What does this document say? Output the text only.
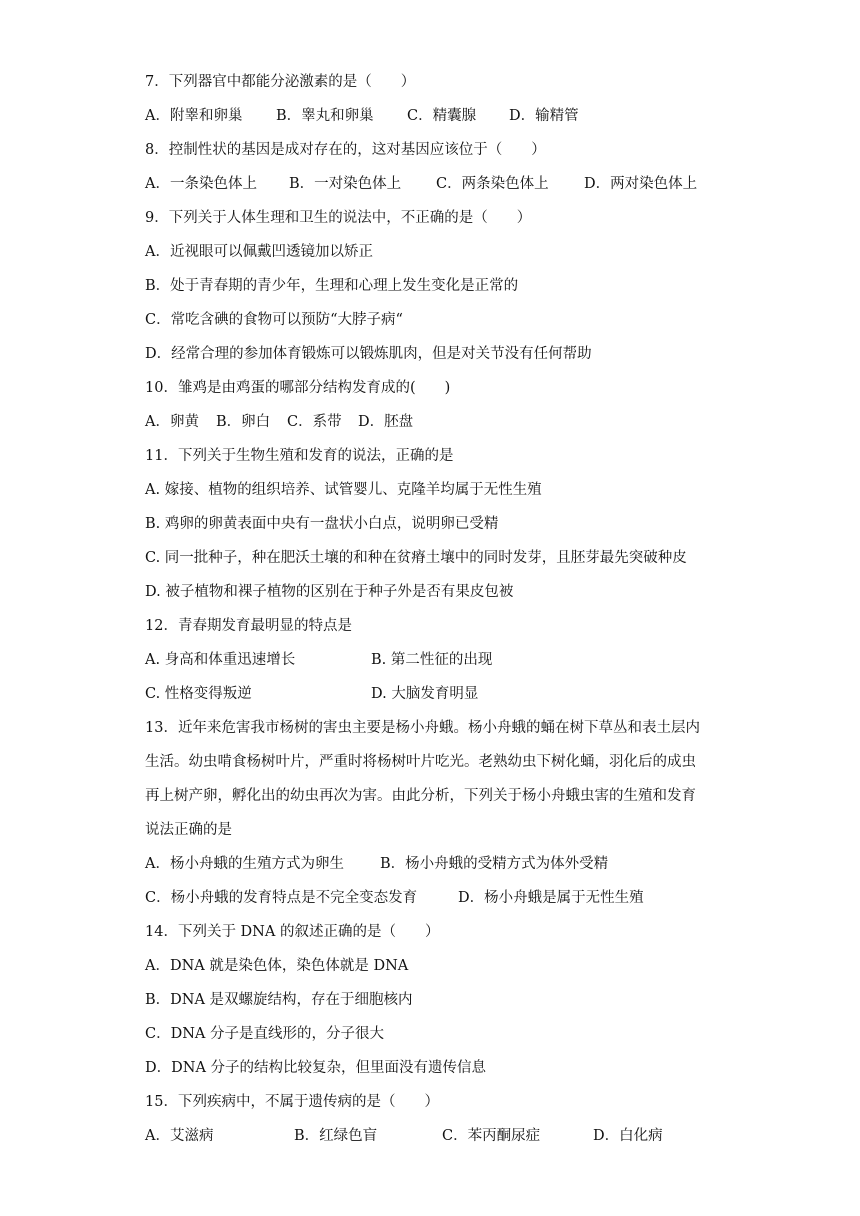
7．下列器官中都能分泌激素的是（　　）
A．附睾和卵巢 B．睾丸和卵巢 C．精囊腺 D．输精管
8．控制性状的基因是成对存在的，这对基因应该位于（　　）
A．一条染色体上 B．一对染色体上 C．两条染色体上 D．两对染色体上
9．下列关于人体生理和卫生的说法中，不正确的是（　　）
A．近视眼可以佩戴凹透镜加以矫正
B．处于青春期的青少年，生理和心理上发生变化是正常的
C．常吃含碘的食物可以预防“大脖子病“
D．经常合理的参加体育锻炼可以锻炼肌肉，但是对关节没有任何帮助
10．雏鸡是由鸡蛋的哪部分结构发育成的(　　)
A．卵黄 B．卵白 C．系带 D．胚盘
11．下列关于生物生殖和发育的说法，正确的是
A. 嫁接、植物的组织培养、试管婴儿、克隆羊均属于无性生殖
B. 鸡卵的卵黄表面中央有一盘状小白点，说明卵已受精
C. 同一批种子，种在肥沃土壤的和种在贫瘠土壤中的同时发芽，且胚芽最先突破种皮
D. 被子植物和裸子植物的区别在于种子外是否有果皮包被
12．青春期发育最明显的特点是
A. 身高和体重迅速增长	B. 第二性征的出现
C. 性格变得叛逆	D. 大脑发育明显
13．近年来危害我市杨树的害虫主要是杨小舟蛾。杨小舟蛾的蛹在树下草丛和表土层内
生活。幼虫啃食杨树叶片，严重时将杨树叶片吃光。老熟幼虫下树化蛹，羽化后的成虫
再上树产卵，孵化出的幼虫再次为害。由此分析，下列关于杨小舟蛾虫害的生殖和发育
说法正确的是
A．杨小舟蛾的生殖方式为卵生 B．杨小舟蛾的受精方式为体外受精
C．杨小舟蛾的发育特点是不完全变态发育	D．杨小舟蛾是属于无性生殖
14．下列关于 DNA 的叙述正确的是（　　）
A．DNA 就是染色体，染色体就是 DNA
B．DNA 是双螺旋结构，存在于细胞核内
C．DNA 分子是直线形的，分子很大
D．DNA 分子的结构比较复杂，但里面没有遗传信息
15．下列疾病中，不属于遗传病的是（　　）
A．艾滋病	B．红绿色盲	C．苯丙酮尿症	D．白化病
